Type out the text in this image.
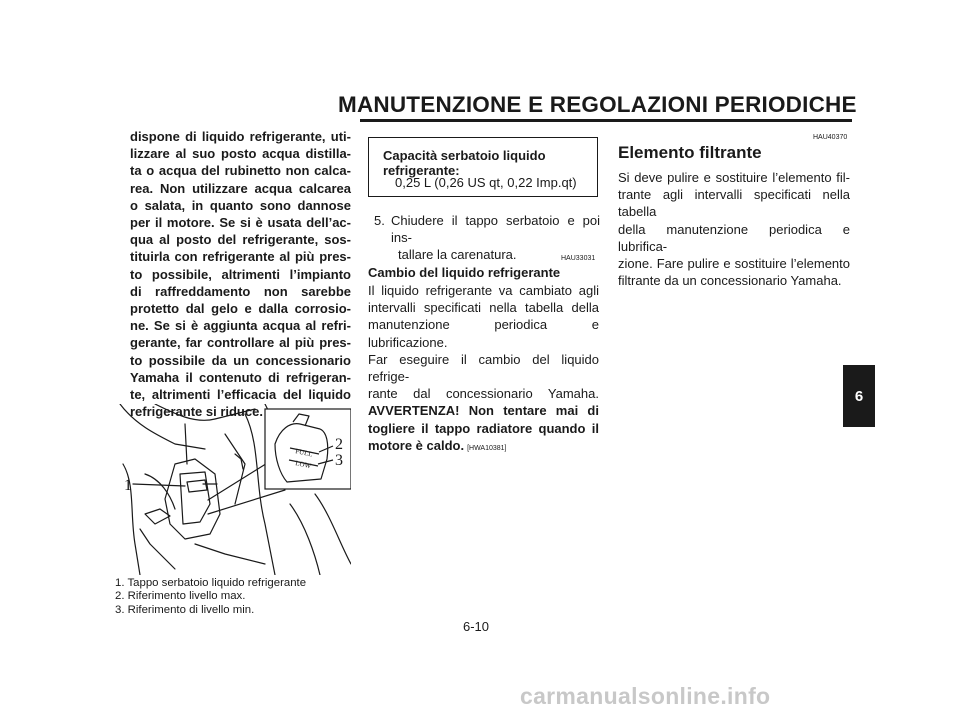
MANUTENZIONE E REGOLAZIONI PERIODICHE
dispone di liquido refrigerante, uti-
lizzare al suo posto acqua distilla-
ta o acqua del rubinetto non calca-
rea. Non utilizzare acqua calcarea
o salata, in quanto sono dannose
per il motore. Se si è usata dell’ac-
qua al posto del refrigerante, sos-
tituirla con refrigerante al più pres-
to possibile, altrimenti l’impianto
di raffreddamento non sarebbe
protetto dal gelo e dalla corrosio-
ne. Se si è aggiunta acqua al refri-
gerante, far controllare al più pres-
to possibile da un concessionario
Yamaha il contenuto di refrigeran-
te, altrimenti l’efficacia del liquido
refrigerante si riduce.
FULL
LOW
2
3
1
1. Tappo serbatoio liquido refrigerante
2. Riferimento livello max.
3. Riferimento di livello min.
Capacità serbatoio liquido
refrigerante:
0,25 L (0,26 US qt, 0,22 Imp.qt)
5. Chiudere il tappo serbatoio e poi ins-
tallare la carenatura.	HAU33031
Cambio del liquido refrigerante
Il liquido refrigerante va cambiato agli
intervalli specificati nella tabella della
manutenzione periodica e lubrificazione.
Far eseguire il cambio del liquido refrige-
rante dal concessionario Yamaha.
AVVERTENZA! Non tentare mai di
togliere il tappo radiatore quando il
motore è caldo. [HWA10381]
HAU40370
Elemento filtrante
Si deve pulire e sostituire l’elemento fil-
trante agli intervalli specificati nella tabella
della manutenzione periodica e lubrifica-
zione. Fare pulire e sostituire l’elemento
filtrante da un concessionario Yamaha.
6
6-10
carmanualsonline.info
